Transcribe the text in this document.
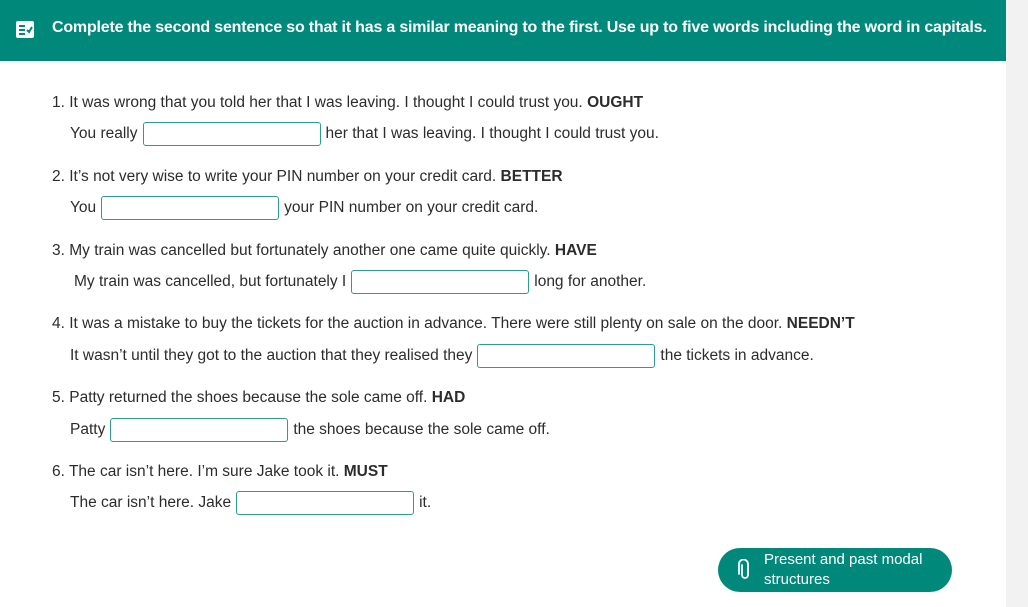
Complete the second sentence so that it has a similar meaning to the first. Use up to five words including the word in capitals.
1. It was wrong that you told her that I was leaving. I thought I could trust you. OUGHT
You really	her that I was leaving. I thought I could trust you.
2. It’s not very wise to write your PIN number on your credit card. BETTER
You	your PIN number on your credit card.
3. My train was cancelled but fortunately another one came quite quickly. HAVE
My train was cancelled, but fortunately I	long for another.
4. It was a mistake to buy the tickets for the auction in advance. There were still plenty on sale on the door. NEEDN’T
It wasn’t until they got to the auction that they realised they	the tickets in advance.
5. Patty returned the shoes because the sole came off. HAD
Patty	the shoes because the sole came off.
6. The car isn’t here. I’m sure Jake took it. MUST
The car isn’t here. Jake	it.
Present and past modal structures
